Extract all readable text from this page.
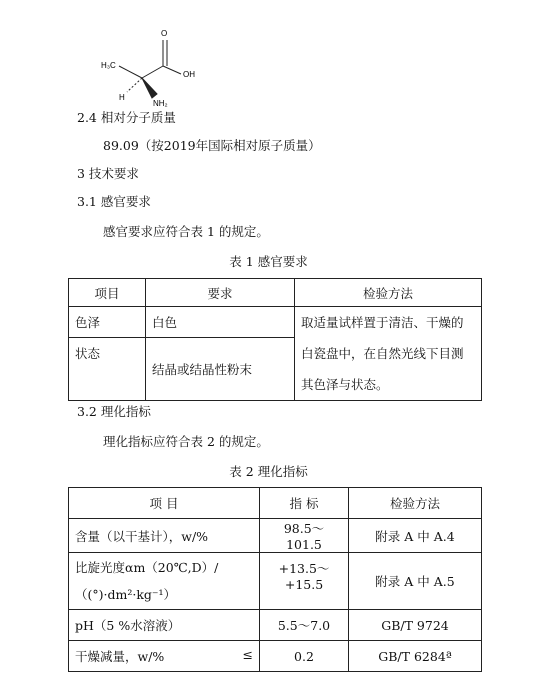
H₃C
O
OH
H
NH₂
2.4 相对分子质量
89.09（按2019年国际相对原子质量）
3 技术要求
3.1 感官要求
感官要求应符合表 1 的规定。
表 1 感官要求
项目	要求	检验方法
色泽	白色	取适量试样置于清洁、干燥的
白瓷盘中，在自然光线下目测
其色泽与状态。

状态	结晶或结晶性粉末	
3.2 理化指标
理化指标应符合表 2 的规定。
表 2 理化指标
项 目	指 标	检验方法
含量（以干基计），w/%	98.5～101.5	附录 A 中 A.4

比旋光度αm（20℃,D）/
（(°)·dm²·kg⁻¹）	+13.5～+15.5	附录 A 中 A.5
pH（5 %水溶液）	5.5～7.0	GB/T 9724
干燥减量，w/% ≤	0.2	GB/T 6284ª
